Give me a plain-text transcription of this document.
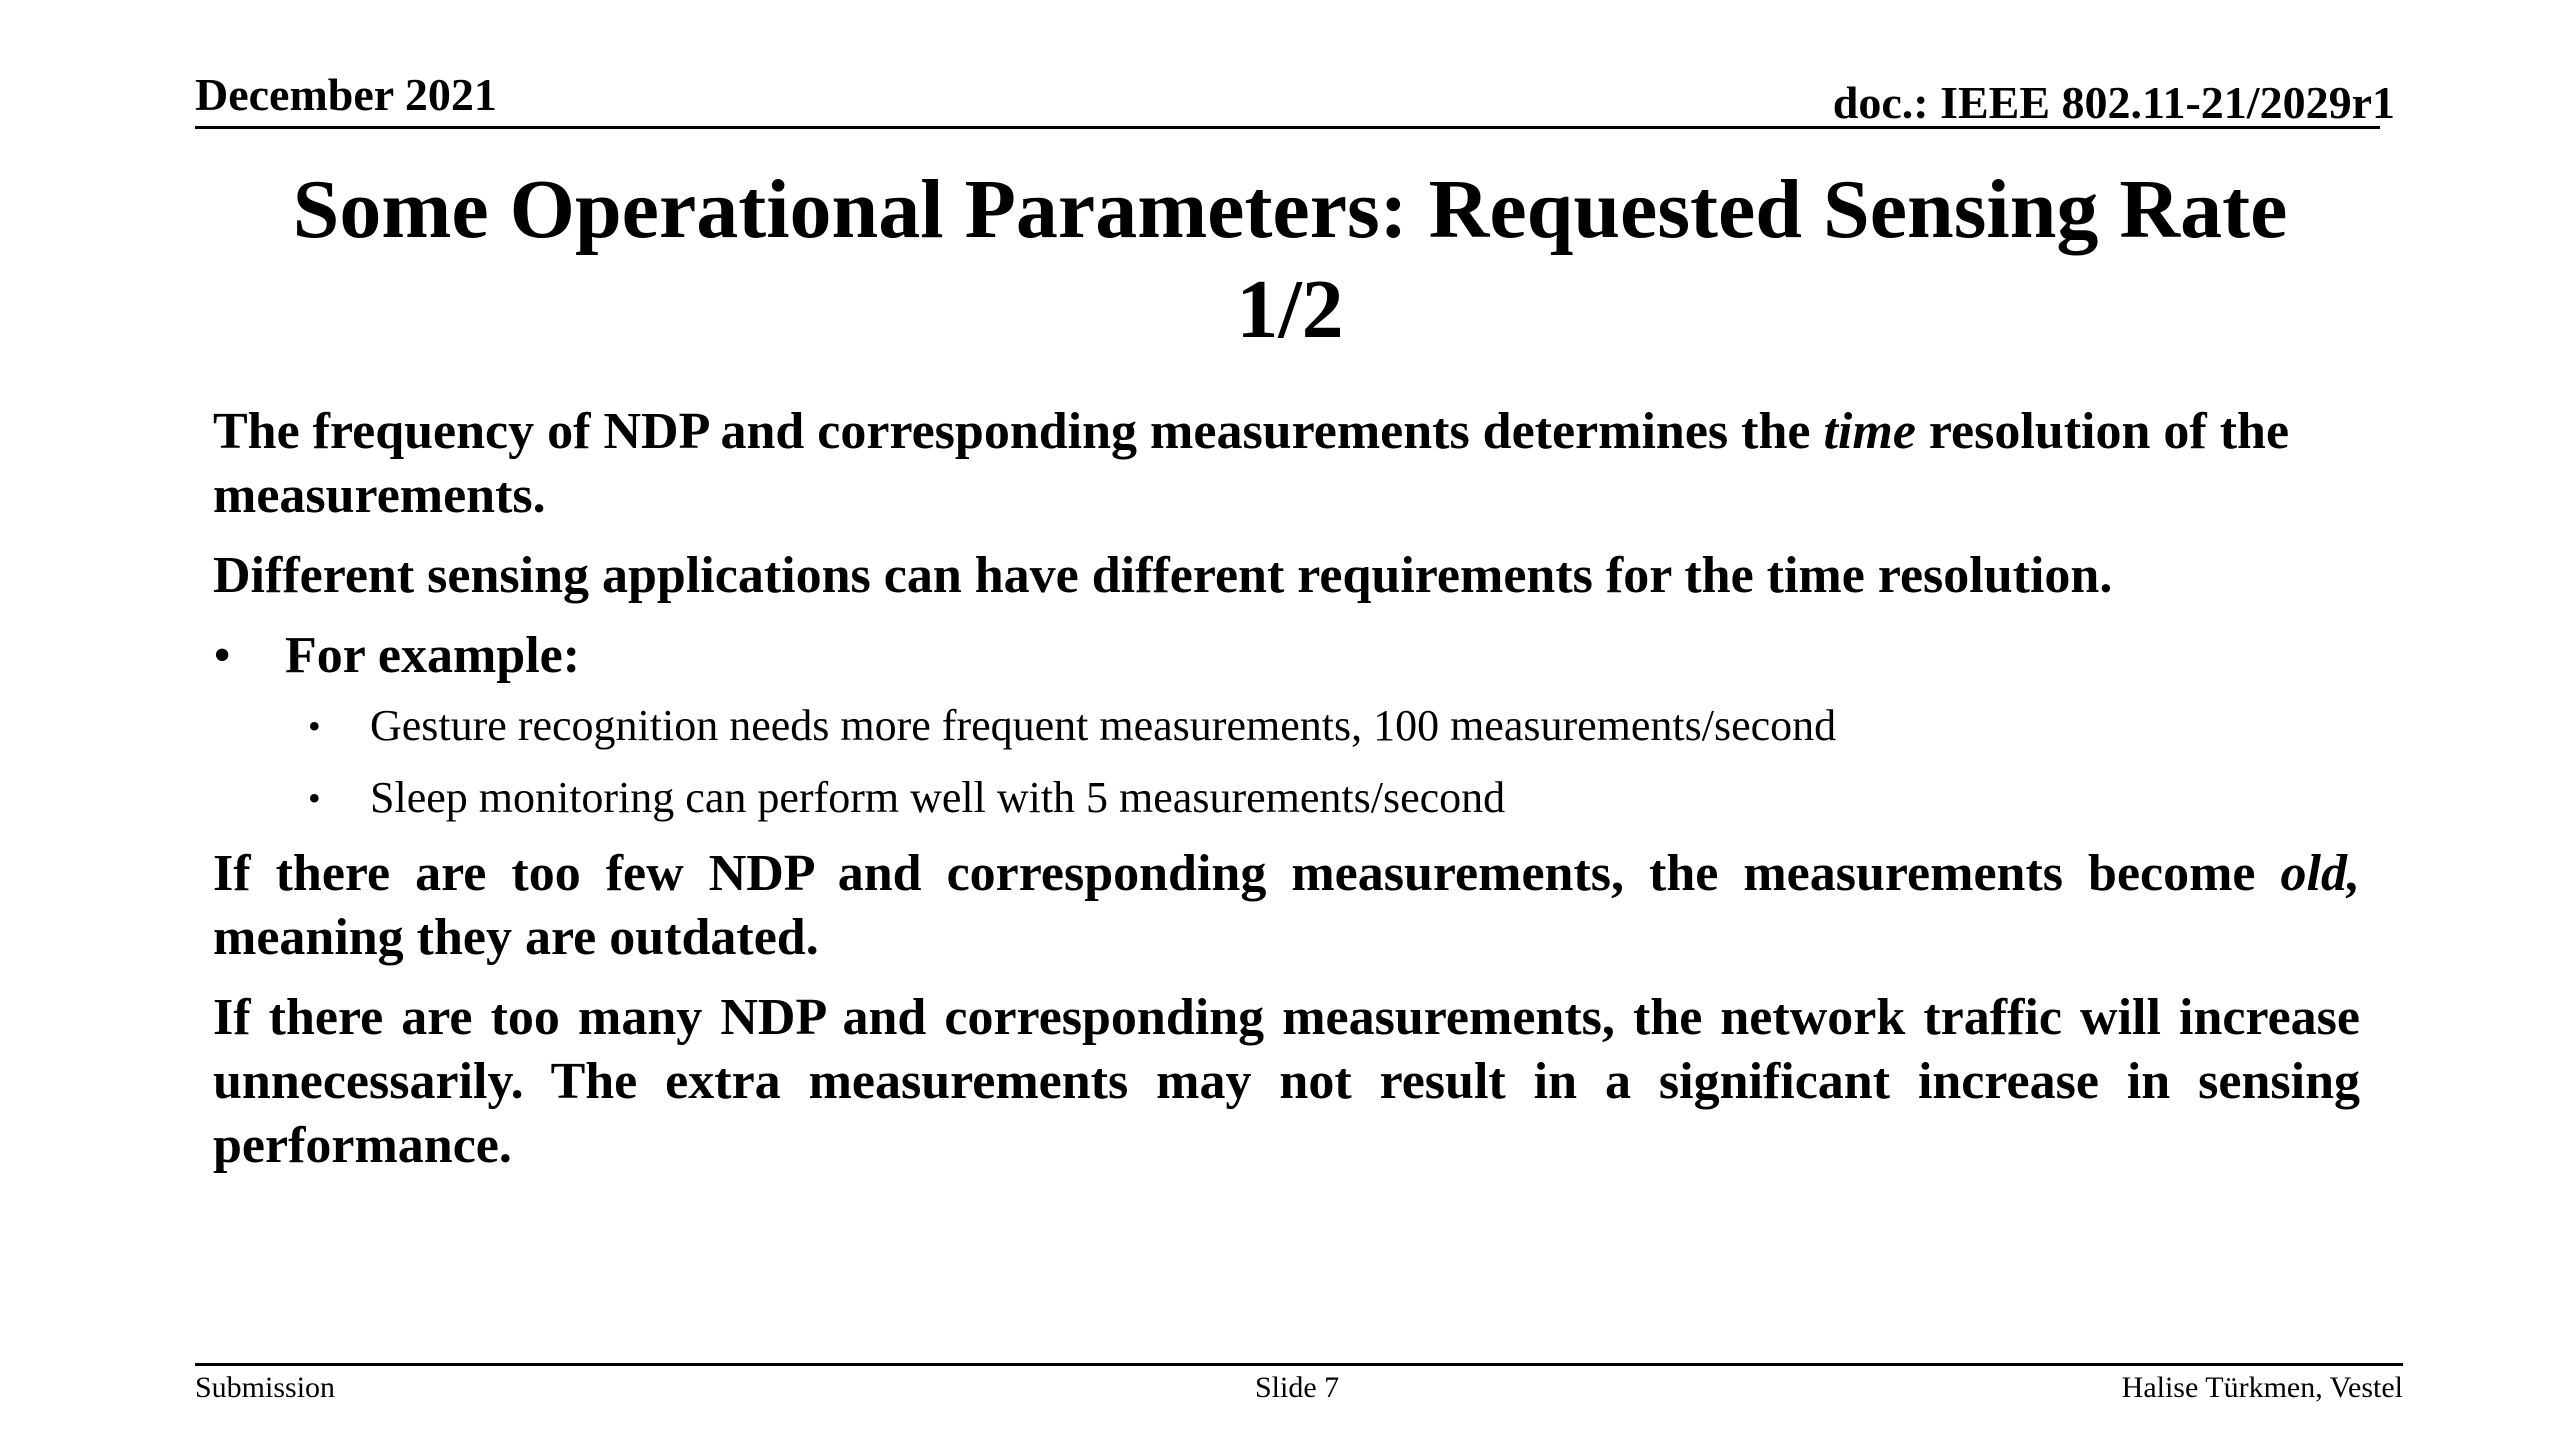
December 2021	doc.: IEEE 802.11-21/2029r1
Some Operational Parameters: Requested Sensing Rate
1/2

The frequency of NDP and corresponding measurements determines the time resolution of the measurements.

Different sensing applications can have different requirements for the time resolution.

• For example:
• Gesture recognition needs more frequent measurements, 100 measurements/second
• Sleep monitoring can perform well with 5 measurements/second

If there are too few NDP and corresponding measurements, the measurements become old, meaning they are outdated.

If there are too many NDP and corresponding measurements, the network traffic will increase unnecessarily. The extra measurements may not result in a significant increase in sensing performance.

Submission	Slide 7	Halise Türkmen, Vestel
